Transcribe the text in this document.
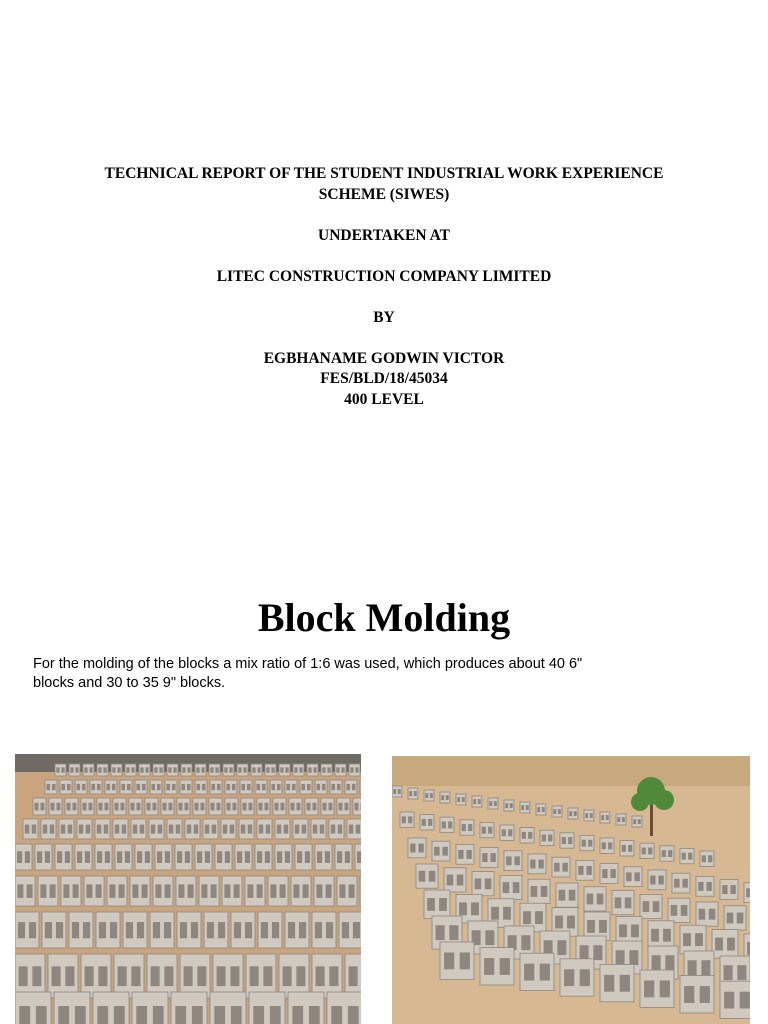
TECHNICAL REPORT OF THE STUDENT INDUSTRIAL WORK EXPERIENCE

SCHEME (SIWES)

UNDERTAKEN AT

LITEC CONSTRUCTION COMPANY LIMITED

BY

EGBHANAME GODWIN VICTOR

FES/BLD/18/45034

400 LEVEL

Block Molding
For the molding of the blocks a mix ratio of 1:6 was used, which produces about 40 6" blocks and 30 to 35 9" blocks.
